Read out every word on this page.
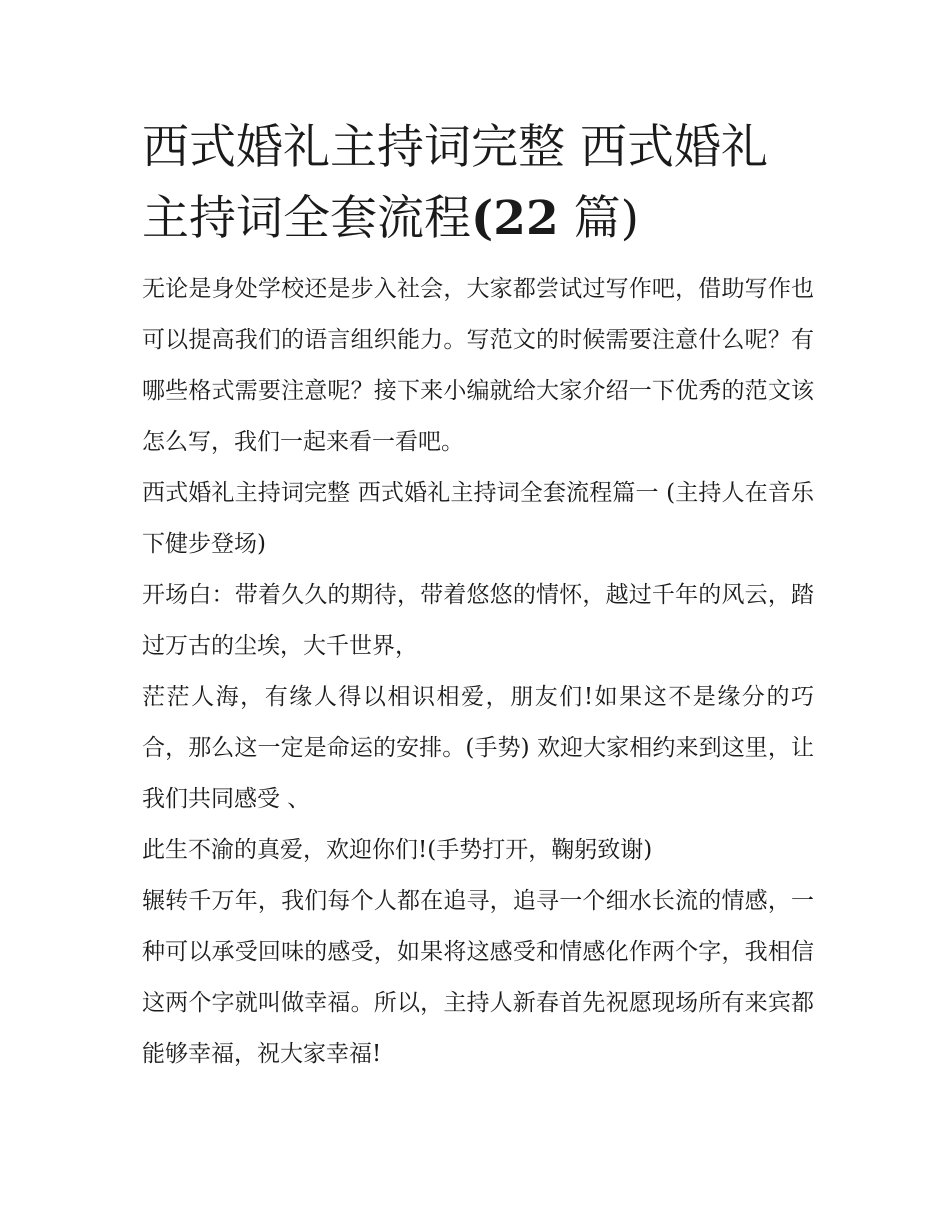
西式婚礼主持词完整 西式婚礼主持词全套流程(22 篇)

无论是身处学校还是步入社会，大家都尝试过写作吧，借助写作也可以提高我们的语言组织能力。写范文的时候需要注意什么呢？有哪些格式需要注意呢？接下来小编就给大家介绍一下优秀的范文该怎么写，我们一起来看一看吧。

西式婚礼主持词完整 西式婚礼主持词全套流程篇一 (主持人在音乐下健步登场)

开场白：带着久久的期待，带着悠悠的情怀，越过千年的风云，踏过万古的尘埃，大千世界，

茫茫人海，有缘人得以相识相爱，朋友们!如果这不是缘分的巧合，那么这一定是命运的安排。(手势) 欢迎大家相约来到这里，让我们共同感受 、

此生不渝的真爱，欢迎你们!(手势打开，鞠躬致谢)

辗转千万年，我们每个人都在追寻，追寻一个细水长流的情感，一种可以承受回味的感受，如果将这感受和情感化作两个字，我相信这两个字就叫做幸福。所以，主持人新春首先祝愿现场所有来宾都能够幸福，祝大家幸福!
